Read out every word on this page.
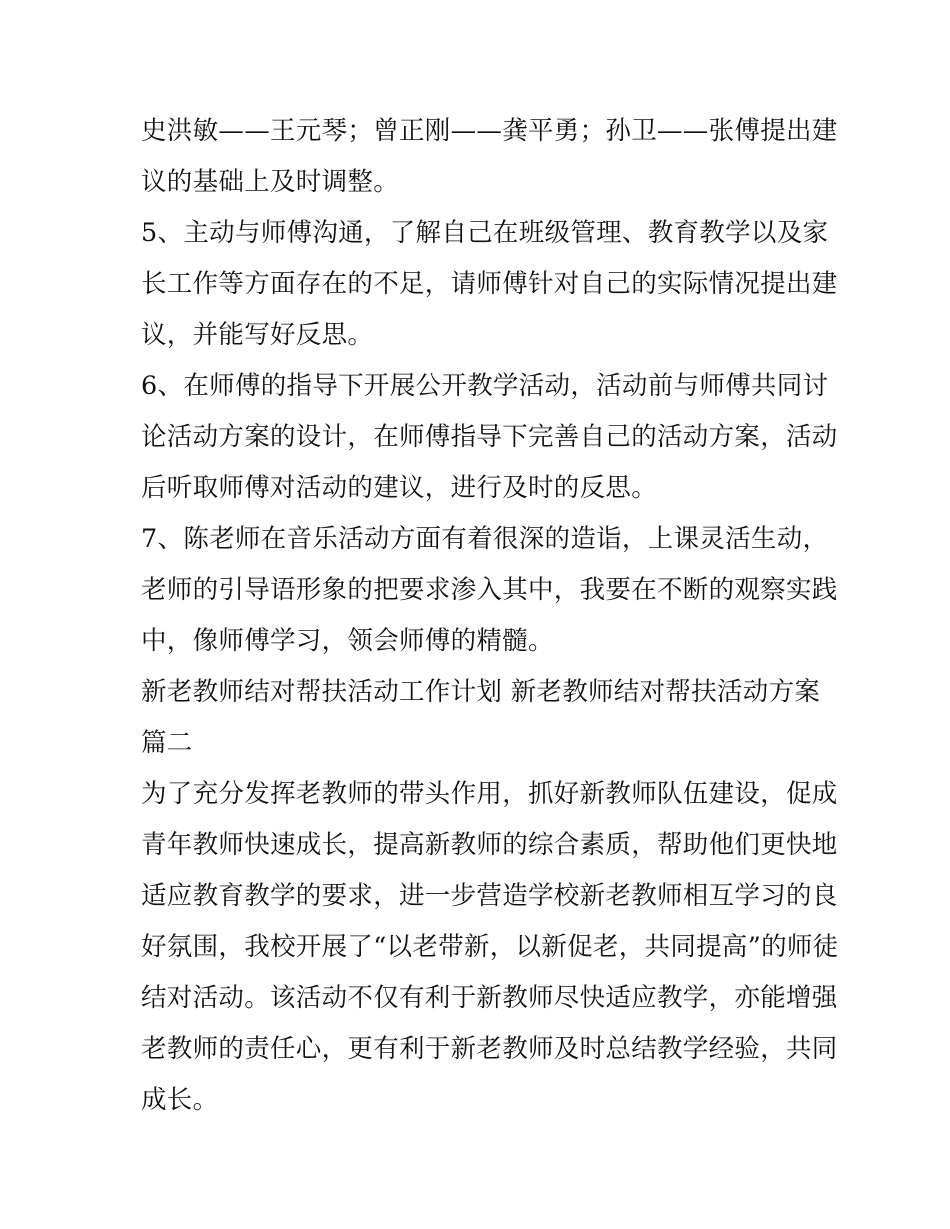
史洪敏——王元琴；曾正刚——龚平勇；孙卫——张傅提出建
议的基础上及时调整。
5、主动与师傅沟通，了解自己在班级管理、教育教学以及家
长工作等方面存在的不足，请师傅针对自己的实际情况提出建
议，并能写好反思。
6、在师傅的指导下开展公开教学活动，活动前与师傅共同讨
论活动方案的设计，在师傅指导下完善自己的活动方案，活动
后听取师傅对活动的建议，进行及时的反思。
7、陈老师在音乐活动方面有着很深的造诣，上课灵活生动，
老师的引导语形象的把要求渗入其中，我要在不断的观察实践
中，像师傅学习，领会师傅的精髓。
新老教师结对帮扶活动工作计划 新老教师结对帮扶活动方案
篇二
为了充分发挥老教师的带头作用，抓好新教师队伍建设，促成
青年教师快速成长，提高新教师的综合素质，帮助他们更快地
适应教育教学的要求，进一步营造学校新老教师相互学习的良
好氛围，我校开展了“以老带新，以新促老，共同提高”的师徒
结对活动。该活动不仅有利于新教师尽快适应教学，亦能增强
老教师的责任心，更有利于新老教师及时总结教学经验，共同
成长。
